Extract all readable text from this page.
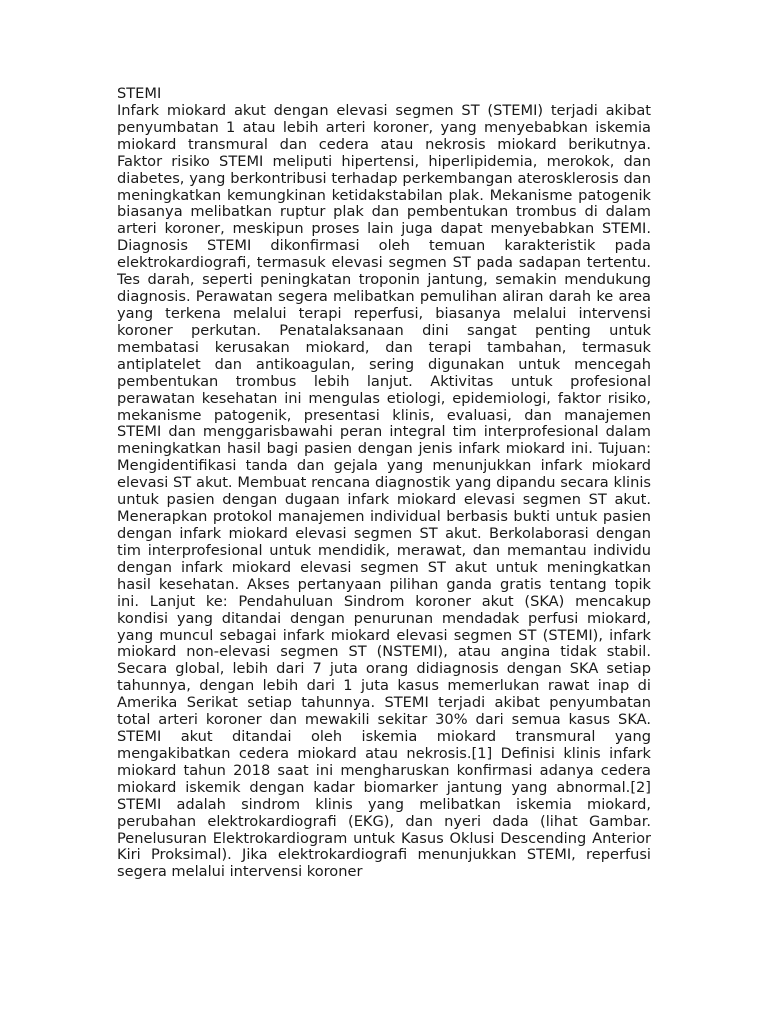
STEMI

Infark miokard akut dengan elevasi segmen ST (STEMI) terjadi akibat penyumbatan 1 atau lebih arteri koroner, yang menyebabkan iskemia miokard transmural dan cedera atau nekrosis miokard berikutnya. Faktor risiko STEMI meliputi hipertensi, hiperlipidemia, merokok, dan diabetes, yang berkontribusi terhadap perkembangan aterosklerosis dan meningkatkan kemungkinan ketidakstabilan plak. Mekanisme patogenik biasanya melibatkan ruptur plak dan pembentukan trombus di dalam arteri koroner, meskipun proses lain juga dapat menyebabkan STEMI. Diagnosis STEMI dikonfirmasi oleh temuan karakteristik pada elektrokardiografi, termasuk elevasi segmen ST pada sadapan tertentu. Tes darah, seperti peningkatan troponin jantung, semakin mendukung diagnosis. Perawatan segera melibatkan pemulihan aliran darah ke area yang terkena melalui terapi reperfusi, biasanya melalui intervensi koroner perkutan. Penatalaksanaan dini sangat penting untuk membatasi kerusakan miokard, dan terapi tambahan, termasuk antiplatelet dan antikoagulan, sering digunakan untuk mencegah pembentukan trombus lebih lanjut. Aktivitas untuk profesional perawatan kesehatan ini mengulas etiologi, epidemiologi, faktor risiko, mekanisme patogenik, presentasi klinis, evaluasi, dan manajemen STEMI dan menggarisbawahi peran integral tim interprofesional dalam meningkatkan hasil bagi pasien dengan jenis infark miokard ini. Tujuan: Mengidentifikasi tanda dan gejala yang menunjukkan infark miokard elevasi ST akut. Membuat rencana diagnostik yang dipandu secara klinis untuk pasien dengan dugaan infark miokard elevasi segmen ST akut. Menerapkan protokol manajemen individual berbasis bukti untuk pasien dengan infark miokard elevasi segmen ST akut. Berkolaborasi dengan tim interprofesional untuk mendidik, merawat, dan memantau individu dengan infark miokard elevasi segmen ST akut untuk meningkatkan hasil kesehatan. Akses pertanyaan pilihan ganda gratis tentang topik ini. Lanjut ke: Pendahuluan Sindrom koroner akut (SKA) mencakup kondisi yang ditandai dengan penurunan mendadak perfusi miokard, yang muncul sebagai infark miokard elevasi segmen ST (STEMI), infark miokard non-elevasi segmen ST (NSTEMI), atau angina tidak stabil. Secara global, lebih dari 7 juta orang didiagnosis dengan SKA setiap tahunnya, dengan lebih dari 1 juta kasus memerlukan rawat inap di Amerika Serikat setiap tahunnya. STEMI terjadi akibat penyumbatan total arteri koroner dan mewakili sekitar 30% dari semua kasus SKA. STEMI akut ditandai oleh iskemia miokard transmural yang mengakibatkan cedera miokard atau nekrosis.[1] Definisi klinis infark miokard tahun 2018 saat ini mengharuskan konfirmasi adanya cedera miokard iskemik dengan kadar biomarker jantung yang abnormal.[2] STEMI adalah sindrom klinis yang melibatkan iskemia miokard, perubahan elektrokardiografi (EKG), dan nyeri dada (lihat Gambar. Penelusuran Elektrokardiogram untuk Kasus Oklusi Descending Anterior Kiri Proksimal). Jika elektrokardiografi menunjukkan STEMI, reperfusi segera melalui intervensi koroner
